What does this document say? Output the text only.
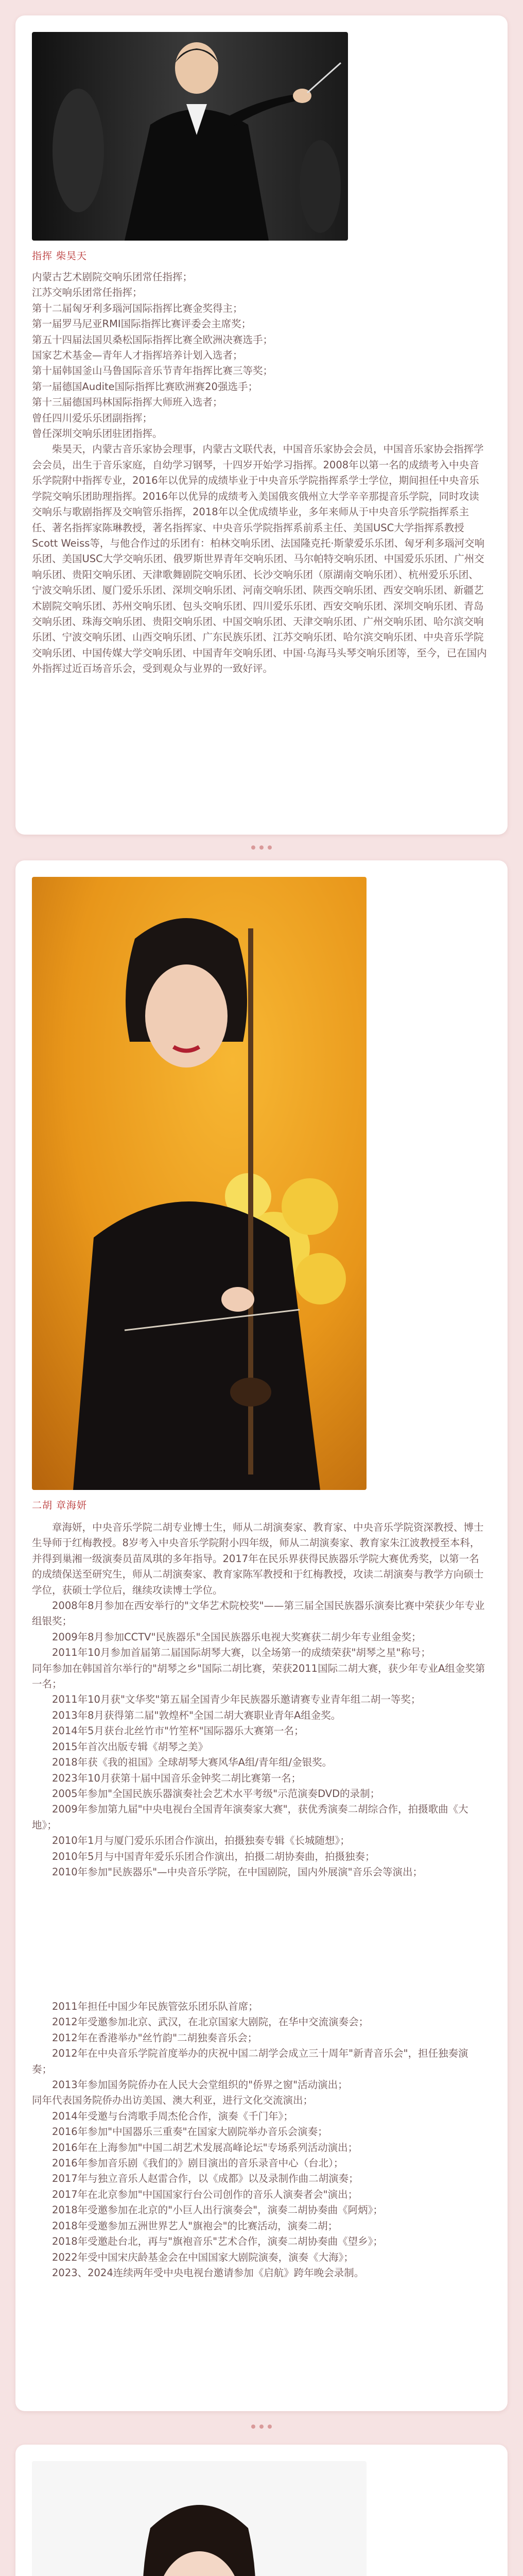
指挥 柴昊天

内蒙古艺术剧院交响乐团常任指挥；

江苏交响乐团常任指挥；

第十二届匈牙利多瑙河国际指挥比赛金奖得主；

第一届罗马尼亚RMI国际指挥比赛评委会主席奖；

第五十四届法国贝桑松国际指挥比赛全欧洲决赛选手；

国家艺术基金—青年人才指挥培养计划入选者；

第十届韩国釜山马鲁国际音乐节青年指挥比赛三等奖；

第一届德国Audite国际指挥比赛欧洲赛20强选手；

第十三届德国玛林国际指挥大师班入选者；

曾任四川爱乐乐团副指挥；

曾任深圳交响乐团驻团指挥。

柴昊天，内蒙古音乐家协会理事，内蒙古文联代表，中国音乐家协会会员，中国音乐家协会指挥学会会员，出生于音乐家庭，自幼学习钢琴，十四岁开始学习指挥。2008年以第一名的成绩考入中央音乐学院附中指挥专业，2016年以优异的成绩毕业于中央音乐学院指挥系学士学位，期间担任中央音乐学院交响乐团助理指挥。2016年以优异的成绩考入美国俄亥俄州立大学辛辛那提音乐学院，同时攻读交响乐与歌剧指挥及交响管乐指挥，2018年以全优成绩毕业，多年来师从于中央音乐学院指挥系主任、著名指挥家陈琳教授，著名指挥家、中央音乐学院指挥系前系主任、美国USC大学指挥系教授Scott Weiss等，与他合作过的乐团有：柏林交响乐团、法国隆克托·斯蒙爱乐乐团、匈牙利多瑙河交响乐团、美国USC大学交响乐团、俄罗斯世界青年交响乐团、马尔帕特交响乐团、中国爱乐乐团、广州交响乐团、贵阳交响乐团、天津歌舞剧院交响乐团、长沙交响乐团（原湖南交响乐团）、杭州爱乐乐团、宁波交响乐团、厦门爱乐乐团、深圳交响乐团、河南交响乐团、陕西交响乐团、西安交响乐团、新疆艺术剧院交响乐团、苏州交响乐团、包头交响乐团、四川爱乐乐团、西安交响乐团、深圳交响乐团、青岛交响乐团、珠海交响乐团、贵阳交响乐团、中国交响乐团、天津交响乐团、广州交响乐团、哈尔滨交响乐团、宁波交响乐团、山西交响乐团、广东民族乐团、江苏交响乐团、哈尔滨交响乐团、中央音乐学院交响乐团、中国传媒大学交响乐团、中国青年交响乐团、中国·乌海马头琴交响乐团等，至今，已在国内外指挥过近百场音乐会，受到观众与业界的一致好评。

二胡 章海妍

章海妍，中央音乐学院二胡专业博士生，师从二胡演奏家、教育家、中央音乐学院资深教授、博士生导师于红梅教授。8岁考入中央音乐学院附小四年级，师从二胡演奏家、教育家朱江波教授至本科，并得到巢湘一级演奏员苗凤琪的多年指导。2017年在民乐界获得民族器乐学院大赛优秀奖，以第一名的成绩保送至研究生，师从二胡演奏家、教育家陈军教授和于红梅教授，攻读二胡演奏与教学方向硕士学位，获硕士学位后，继续攻读博士学位。

2008年8月参加在西安举行的"文华艺术院校奖"——第三届全国民族器乐演奏比赛中荣获少年专业组银奖；

2009年8月参加CCTV"民族器乐"全国民族器乐电视大奖赛获二胡少年专业组金奖；

2011年10月参加首届第二届国际胡琴大赛，以全场第一的成绩荣获"胡琴之星"称号；

同年参加在韩国首尔举行的"胡琴之乡"国际二胡比赛，荣获2011国际二胡大赛，获少年专业A组金奖第一名；

2011年10月获"文华奖"第五届全国青少年民族器乐邀请赛专业青年组二胡一等奖；

2013年8月获得第二届"敦煌杯"全国二胡大赛职业青年A组金奖。

2014年5月获台北丝竹市"竹笙杯"国际器乐大赛第一名；

2015年首次出版专辑《胡琴之美》

2018年获《我的祖国》全球胡琴大赛风华A组/青年组/金银奖。

2023年10月获第十届中国音乐金钟奖二胡比赛第一名；

2005年参加"全国民族乐器演奏社会艺术水平考级"示范演奏DVD的录制；

2009年参加第九届"中央电视台全国青年演奏家大赛"，获优秀演奏二胡综合作，拍摄歌曲《大地》；

2010年1月与厦门爱乐乐团合作演出，拍摄独奏专辑《长城随想》；

2010年5月与中国青年爱乐乐团合作演出，拍摄二胡协奏曲，拍摄独奏；

2010年参加"民族器乐"—中央音乐学院，在中国剧院，国内外展演"音乐会等演出；

2011年担任中国少年民族管弦乐团乐队首席；

2012年受邀参加北京、武汉，在北京国家大剧院，在华中交流演奏会；

2012年在香港举办"丝竹韵"二胡独奏音乐会；

2012年在中央音乐学院首度举办的庆祝中国二胡学会成立三十周年"新青音乐会"，担任独奏演奏；

2013年参加国务院侨办在人民大会堂组织的"侨界之窗"活动演出；

同年代表国务院侨办出访美国、澳大利亚，进行文化交流演出；

2014年受邀与台湾歌手周杰伦合作，演奏《千门年》；

2016年参加"中国器乐三重奏"在国家大剧院举办音乐会演奏；

2016年在上海参加"中国二胡艺术发展高峰论坛"专场系列活动演出；

2016年参加音乐剧《我们的》剧目演出的音乐录音中心（台北）；

2017年与独立音乐人赵雷合作，以《成都》以及录制作曲二胡演奏；

2017年在北京参加"中国国家行台公司创作的音乐人演奏者会"演出；

2018年受邀参加在北京的"小巨人出行演奏会"，演奏二胡协奏曲《阿炳》；

2018年受邀参加五洲世界艺人"旗袍会"的比赛活动，演奏二胡；

2018年受邀赴台北，再与"旗袍音乐"艺术合作，演奏二胡协奏曲《望乡》；

2022年受中国宋庆龄基金会在中国国家大剧院演奏，演奏《大海》；

2023、2024连续两年受中央电视台邀请参加《启航》跨年晚会录制。
